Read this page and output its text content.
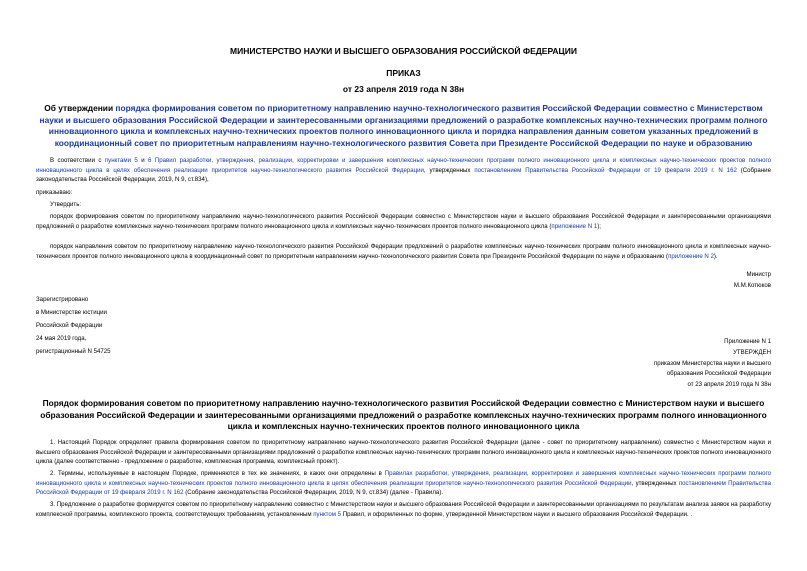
МИНИСТЕРСТВО НАУКИ И ВЫСШЕГО ОБРАЗОВАНИЯ РОССИЙСКОЙ ФЕДЕРАЦИИ
ПРИКАЗ
от 23 апреля 2019 года N 38н
Об утверждении порядка формирования советом по приоритетному направлению научно-технологического развития Российской Федерации совместно с Министерством науки и высшего образования Российской Федерации и заинтересованными организациями предложений о разработке комплексных научно-технических программ полного инновационного цикла и комплексных научно-технических проектов полного инновационного цикла и порядка направления данным советом указанных предложений в координационный совет по приоритетным направлениям научно-технологического развития Совета при Президенте Российской Федерации по науке и образованию
В соответствии с пунктами 5 и 6 Правил разработки, утверждения, реализации, корректировки и завершения комплексных научно-технических программ полного инновационного цикла и комплексных научно-технических проектов полного инновационного цикла в целях обеспечения реализации приоритетов научно-технологического развития Российской Федерации, утвержденных постановлением Правительства Российской Федерации от 19 февраля 2019 г. N 162 (Собрание законодательства Российской Федерации, 2019, N 9, ст.834),
приказываю:
Утвердить:
порядок формирования советом по приоритетному направлению научно-технологического развития Российской Федерации совместно с Министерством науки и высшего образования Российской Федерации и заинтересованными организациями предложений о разработке комплексных научно-технических программ полного инновационного цикла и комплексных научно-технических проектов полного инновационного цикла (приложение N 1);
порядок направления советом по приоритетному направлению научно-технологического развития Российской Федерации предложений о разработке комплексных научно-технических программ полного инновационного цикла и комплексных научно-технических проектов полного инновационного цикла в координационный совет по приоритетным направлениям научно-технологического развития Совета при Президенте Российской Федерации по науке и образованию (приложение N 2).
Министр
М.М.Котюков
Зарегистрировано
в Министерстве юстиции
Российской Федерации
24 мая 2019 года,
регистрационный N 54725
Приложение N 1
УТВЕРЖДЕН
приказом Министерства науки и высшего
образования Российской Федерации
от 23 апреля 2019 года N 38н
Порядок формирования советом по приоритетному направлению научно-технологического развития Российской Федерации совместно с Министерством науки и высшего образования Российской Федерации и заинтересованными организациями предложений о разработке комплексных научно-технических программ полного инновационного цикла и комплексных научно-технических проектов полного инновационного цикла
1. Настоящий Порядок определяет правила формирования советом по приоритетному направлению научно-технологического развития Российской Федерации (далее - совет по приоритетному направлению) совместно с Министерством науки и высшего образования Российской Федерации и заинтересованными организациями предложений о разработке комплексных научно-технических программ полного инновационного цикла и комплексных научно-технических проектов полного инновационного цикла (далее соответственно - предложение о разработке, комплексная программа, комплексный проект).
2. Термины, используемые в настоящем Порядке, применяются в тех же значениях, в каких они определены в Правилах разработки, утверждения, реализации, корректировки и завершения комплексных научно-технических программ полного инновационного цикла и комплексных научно-технических проектов полного инновационного цикла в целях обеспечения реализации приоритетов научно-технологического развития Российской Федерации, утвержденных постановлением Правительства Российской Федерации от 19 февраля 2019 г. N 162 (Собрание законодательства Российской Федерации, 2019, N 9, ст.834) (далее - Правила).
3. Предложение о разработке формируется советом по приоритетному направлению совместно с Министерством науки и высшего образования Российской Федерации и заинтересованными организациями по результатам анализа заявок на разработку комплексной программы, комплексного проекта, соответствующих требованиям, установленным пунктом 5 Правил, и оформленных по форме, утвержденной Министерством науки и высшего образования Российской Федерации. .
